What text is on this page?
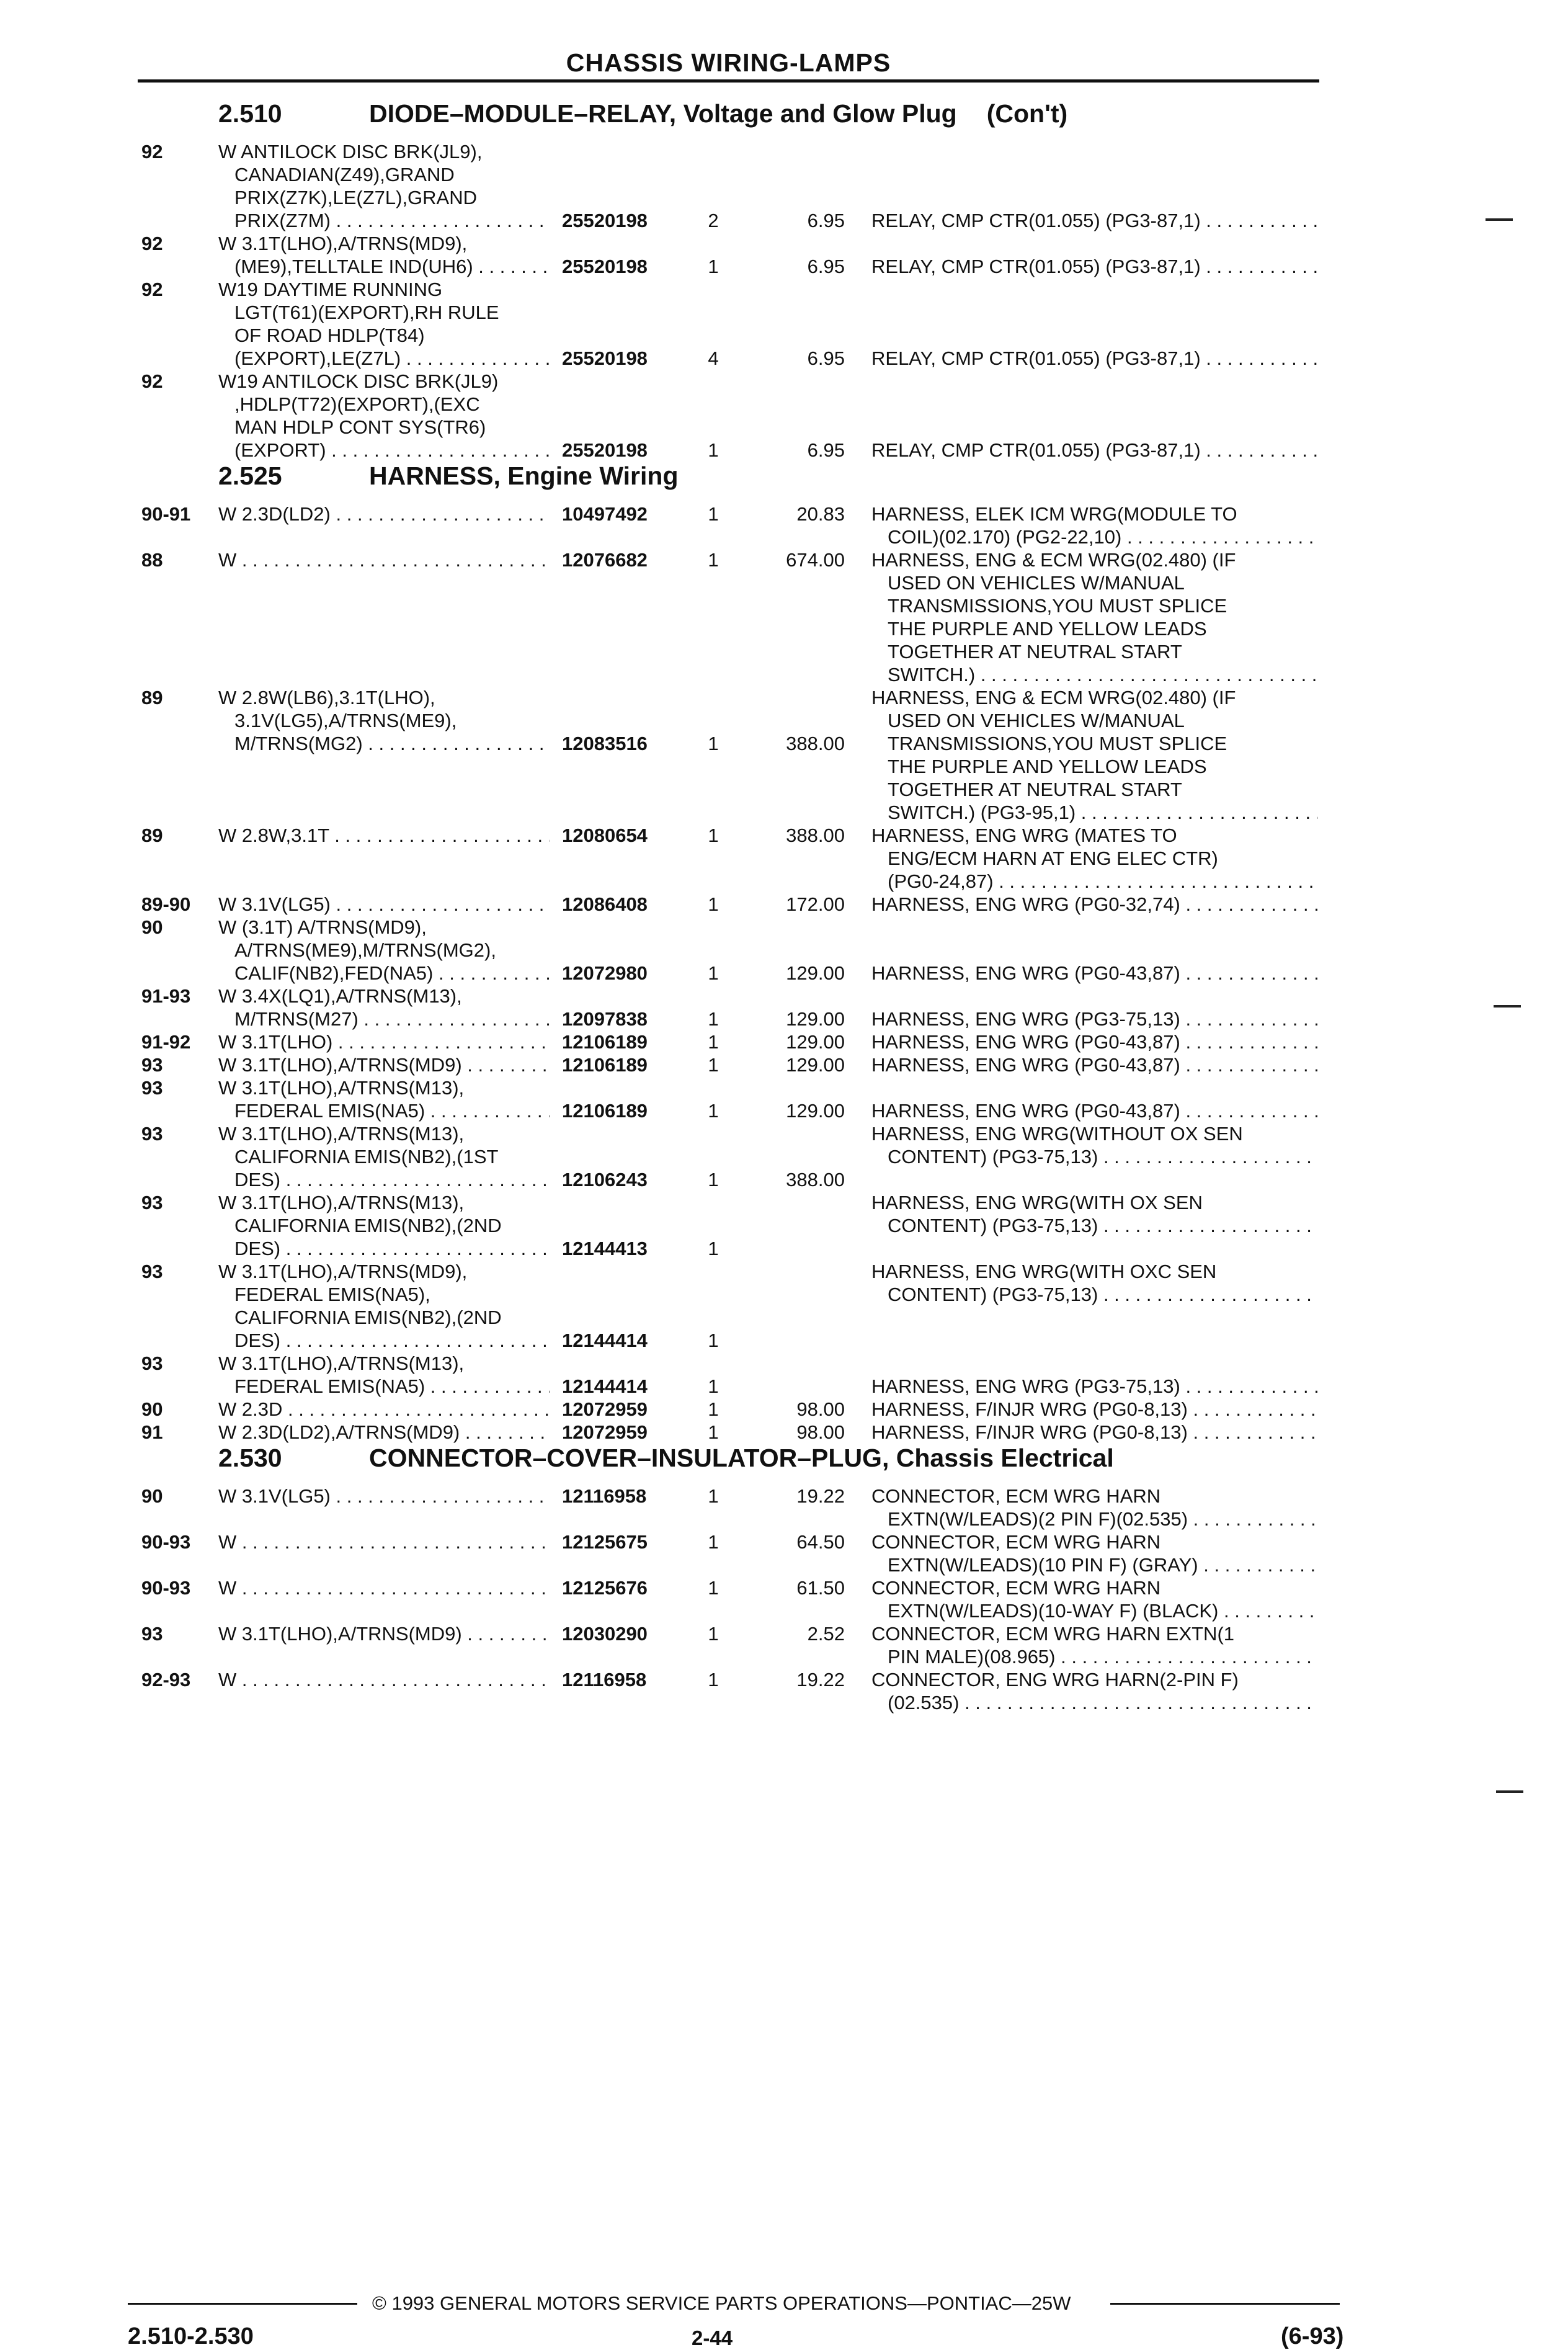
CHASSIS WIRING-LAMPS
2.510	DIODE–MODULE–RELAY, Voltage and Glow Plug (Con't)
92	W ANTILOCK DISC BRK(JL9),
CANADIAN(Z49),GRAND
PRIX(Z7K),LE(Z7L),GRAND
PRIX(Z7M) . . .	25520198	2	6.95 RELAY, CMP CTR(01.055) (PG3-87,1) . . .
92	W 3.1T(LHO),A/TRNS(MD9),
(ME9),TELLTALE IND(UH6) . . .	25520198	1	6.95 RELAY, CMP CTR(01.055) (PG3-87,1) . . .
92	W19 DAYTIME RUNNING
LGT(T61)(EXPORT),RH RULE
OF ROAD HDLP(T84)
(EXPORT),LE(Z7L) . . .	25520198	4	6.95 RELAY, CMP CTR(01.055) (PG3-87,1) . . .
92	W19 ANTILOCK DISC BRK(JL9)
,HDLP(T72)(EXPORT),(EXC
MAN HDLP CONT SYS(TR6)
(EXPORT) . . .	25520198	1	6.95 RELAY, CMP CTR(01.055) (PG3-87,1) . . .
2.525	HARNESS, Engine Wiring
90-91 W 2.3D(LD2) . . .	10497492	1	20.83 HARNESS, ELEK ICM WRG(MODULE TO
COIL)(02.170) (PG2-22,10) . . .
88	W . . .	12076682	1	674.00 HARNESS, ENG & ECM WRG(02.480) (IF
USED ON VEHICLES W/MANUAL
TRANSMISSIONS,YOU MUST SPLICE
THE PURPLE AND YELLOW LEADS
TOGETHER AT NEUTRAL START
SWITCH.) . . .
89	W 2.8W(LB6),3.1T(LHO),
3.1V(LG5),A/TRNS(ME9),
M/TRNS(MG2) . . .	12083516	1	388.00
HARNESS, ENG & ECM WRG(02.480) (IF
USED ON VEHICLES W/MANUAL
TRANSMISSIONS,YOU MUST SPLICE
THE PURPLE AND YELLOW LEADS
TOGETHER AT NEUTRAL START
SWITCH.) (PG3-95,1) . . .
89	W 2.8W,3.1T . . .	12080654	1	388.00 HARNESS, ENG WRG (MATES TO
ENG/ECM HARN AT ENG ELEC CTR)
(PG0-24,87) . . .
89-90 W 3.1V(LG5) . . .	12086408	1	172.00 HARNESS, ENG WRG (PG0-32,74) . . .
90	W (3.1T) A/TRNS(MD9),
A/TRNS(ME9),M/TRNS(MG2),
CALIF(NB2),FED(NA5) . . .	12072980	1	129.00 HARNESS, ENG WRG (PG0-43,87) . . .
91-93 W 3.4X(LQ1),A/TRNS(M13),
M/TRNS(M27) . . .	12097838	1	129.00 HARNESS, ENG WRG (PG3-75,13) . . .
91-92 W 3.1T(LHO) . . .	12106189	1	129.00 HARNESS, ENG WRG (PG0-43,87) . . .
93	W 3.1T(LHO),A/TRNS(MD9) . . .	12106189	1	129.00 HARNESS, ENG WRG (PG0-43,87) . . .
93	W 3.1T(LHO),A/TRNS(M13),
FEDERAL EMIS(NA5) . . .	12106189	1	129.00 HARNESS, ENG WRG (PG0-43,87) . . .
93	W 3.1T(LHO),A/TRNS(M13),
CALIFORNIA EMIS(NB2),(1ST
DES) . . .	12106243	1	388.00
HARNESS, ENG WRG(WITHOUT OX SEN
CONTENT) (PG3-75,13) . . .
93	W 3.1T(LHO),A/TRNS(M13),
CALIFORNIA EMIS(NB2),(2ND
DES) . . .	12144413	1
HARNESS, ENG WRG(WITH OX SEN
CONTENT) (PG3-75,13) . . .
93	W 3.1T(LHO),A/TRNS(MD9),
FEDERAL EMIS(NA5),
CALIFORNIA EMIS(NB2),(2ND
DES) . . .	12144414	1
HARNESS, ENG WRG(WITH OXC SEN
CONTENT) (PG3-75,13) . . .
93	W 3.1T(LHO),A/TRNS(M13),
FEDERAL EMIS(NA5) . . .	12144414	1	HARNESS, ENG WRG (PG3-75,13) . . .
90	W 2.3D . . .	12072959	1	98.00 HARNESS, F/INJR WRG (PG0-8,13) . . .
91	W 2.3D(LD2),A/TRNS(MD9) . . .	12072959	1	98.00 HARNESS, F/INJR WRG (PG0-8,13) . . .
2.530	CONNECTOR–COVER–INSULATOR–PLUG, Chassis Electrical
90	W 3.1V(LG5) . . .	12116958	1	19.22 CONNECTOR, ECM WRG HARN
EXTN(W/LEADS)(2 PIN F)(02.535) . . .
90-93 W . . .	12125675	1	64.50 CONNECTOR, ECM WRG HARN
EXTN(W/LEADS)(10 PIN F) (GRAY) . . .
90-93 W . . .	12125676	1	61.50 CONNECTOR, ECM WRG HARN
EXTN(W/LEADS)(10-WAY F) (BLACK) . . .
93	W 3.1T(LHO),A/TRNS(MD9) . . .	12030290	1	2.52 CONNECTOR, ECM WRG HARN EXTN(1
PIN MALE)(08.965) . . .
92-93 W . . .	12116958	1	19.22 CONNECTOR, ENG WRG HARN(2-PIN F)
(02.535) . . .
© 1993 GENERAL MOTORS SERVICE PARTS OPERATIONS—PONTIAC—25W
2.510-2.530	2-44	(6-93)
